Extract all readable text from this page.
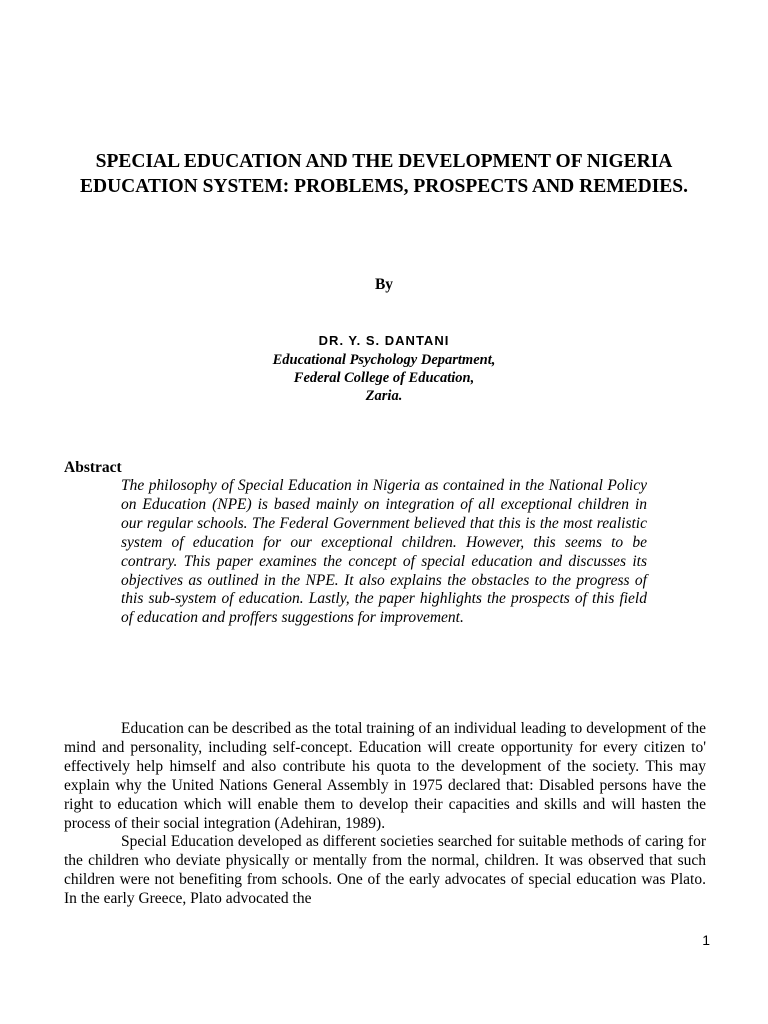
SPECIAL EDUCATION AND THE DEVELOPMENT OF NIGERIA EDUCATION SYSTEM: PROBLEMS, PROSPECTS AND REMEDIES.

By

DR. Y. S. DANTANI

Educational Psychology Department,
Federal College of Education,
Zaria.

Abstract

The philosophy of Special Education in Nigeria as contained in the National Policy on Education (NPE) is based mainly on integration of all exceptional children in our regular schools. The Federal Government believed that this is the most realistic system of education for our exceptional children. However, this seems to be contrary. This paper examines the concept of special education and discusses its objectives as outlined in the NPE. It also explains the obstacles to the progress of this sub-system of education. Lastly, the paper highlights the prospects of this field of education and proffers suggestions for improvement.

Education can be described as the total training of an individual leading to development of the mind and personality, including self-concept. Education will create opportunity for every citizen to' effectively help himself and also contribute his quota to the development of the society. This may explain why the United Nations General Assembly in 1975 declared that: Disabled persons have the right to education which will enable them to develop their capacities and skills and will hasten the process of their social integration (Adehiran, 1989).

Special Education developed as different societies searched for suitable methods of caring for the children who deviate physically or mentally from the normal, children. It was observed that such children were not benefiting from schools. One of the early advocates of special education was Plato. In the early Greece, Plato advocated the

1
